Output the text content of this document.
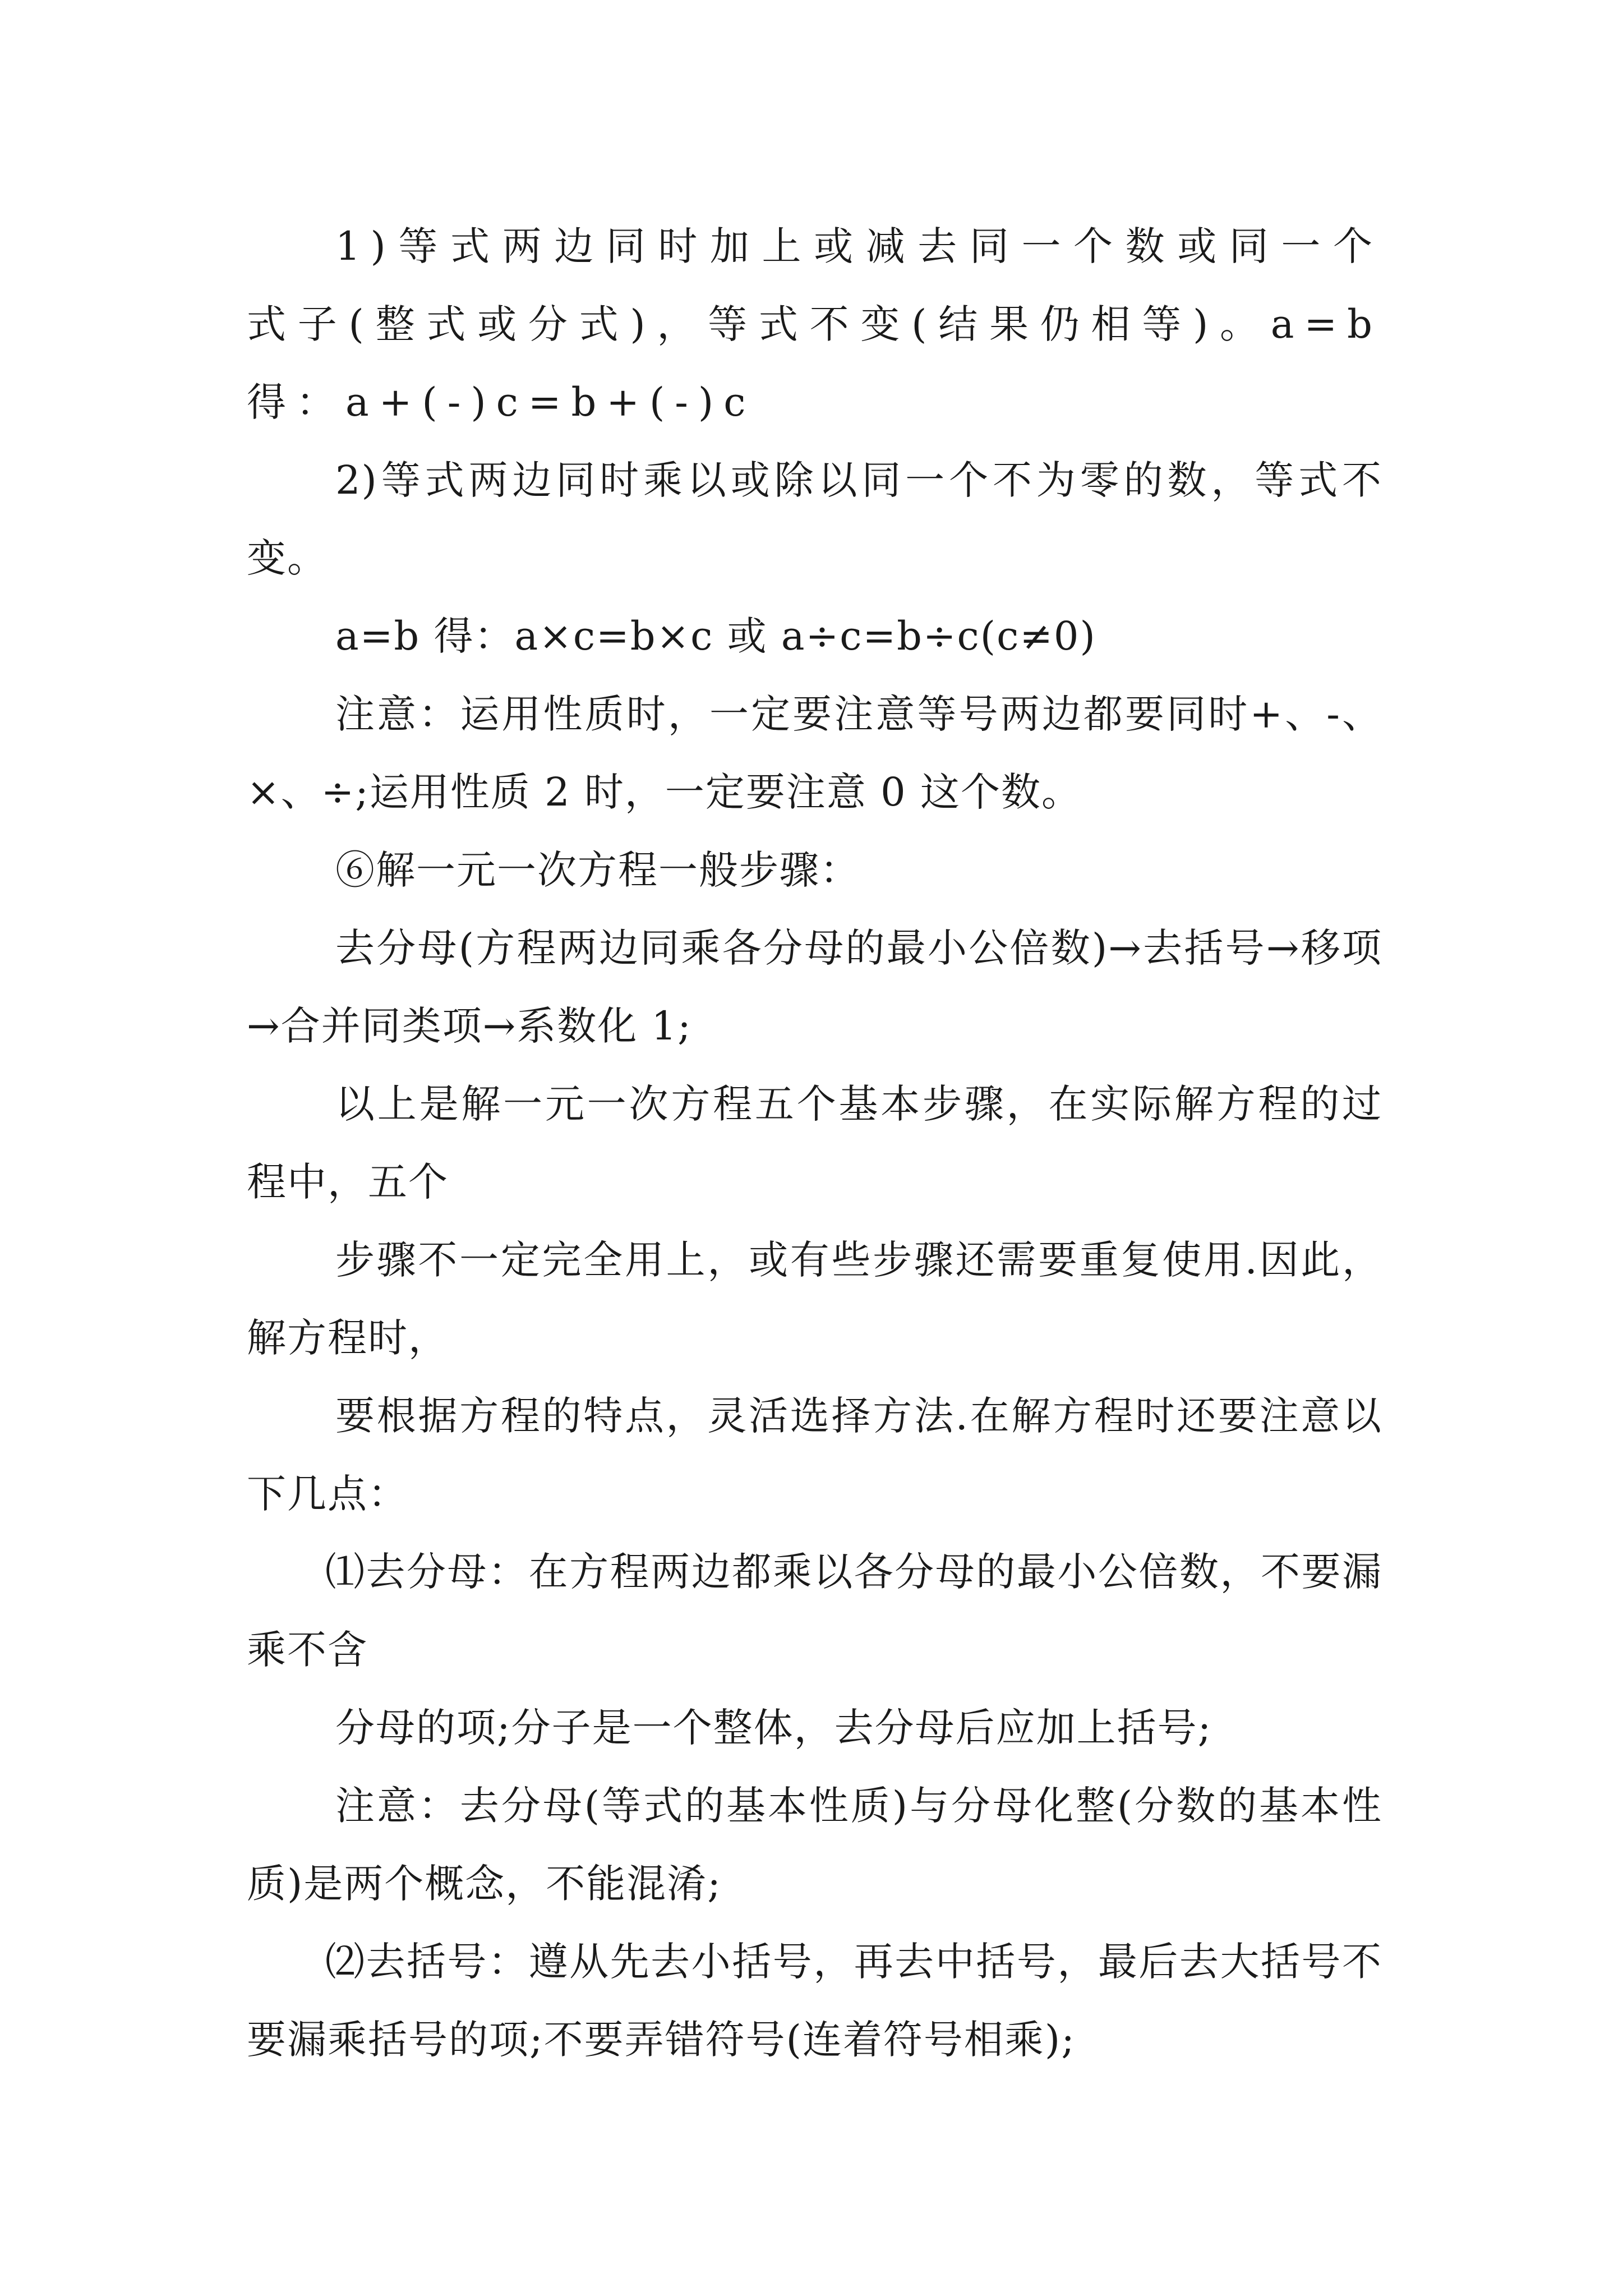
1)等式两边同时加上或减去同一个数或同一个式子(整式或分式)，等式不变(结果仍相等)。a=b 得：a+(-)c=b+(-)c

2)等式两边同时乘以或除以同一个不为零的数，等式不变。

a=b 得：a×c=b×c 或 a÷c=b÷c(c≠0)

注意：运用性质时，一定要注意等号两边都要同时+、-、×、÷;运用性质 2 时，一定要注意 0 这个数。

⑥解一元一次方程一般步骤：

去分母(方程两边同乘各分母的最小公倍数)→去括号→移项→合并同类项→系数化 1;

以上是解一元一次方程五个基本步骤，在实际解方程的过程中，五个

步骤不一定完全用上，或有些步骤还需要重复使用.因此，解方程时，

要根据方程的特点，灵活选择方法.在解方程时还要注意以下几点：

⑴去分母：在方程两边都乘以各分母的最小公倍数，不要漏乘不含

分母的项;分子是一个整体，去分母后应加上括号;

注意：去分母(等式的基本性质)与分母化整(分数的基本性质)是两个概念，不能混淆;

⑵去括号：遵从先去小括号，再去中括号，最后去大括号不要漏乘括号的项;不要弄错符号(连着符号相乘);
